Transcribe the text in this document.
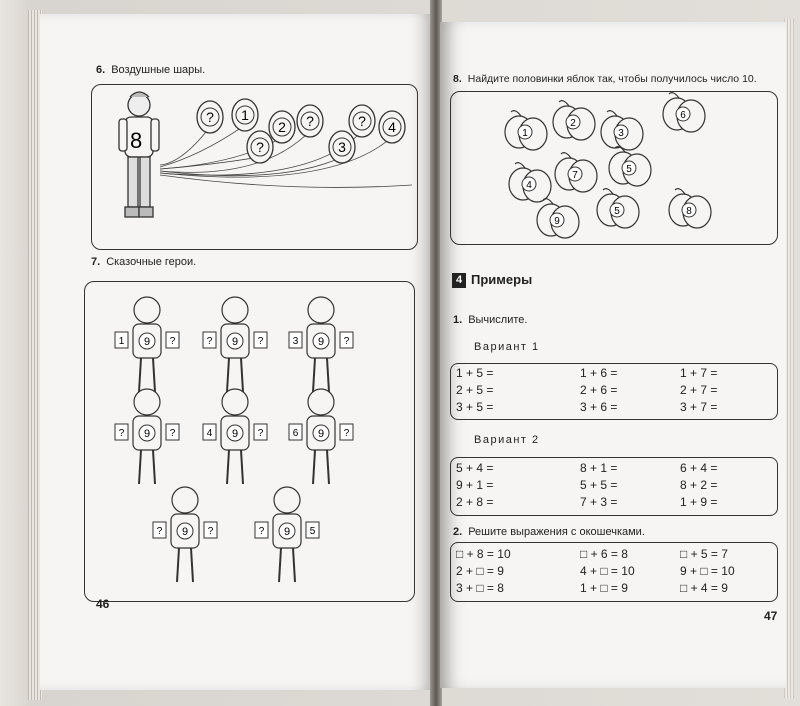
6. Воздушные шары.
8
? 1
?
2 ?
3
? 4
7. Сказочные герои.
1 9 ?	? 9 ?	3 9 ?
? 9 ?	4 9 ?	6 9 ?
? 9 ?	? 9 5
46
8. Найдите половинки яблок так, чтобы получилось число 10.
1
2
3
6
4
7
5
9
5	8
4 Примеры
1. Вычислите.
Вариант 1
1 + 5 =	1 + 6 =	1 + 7 =
2 + 5 =	2 + 6 =	2 + 7 =
3 + 5 =	3 + 6 =	3 + 7 =
Вариант 2
5 + 4 =	8 + 1 =	6 + 4 =
9 + 1 =	5 + 5 =	8 + 2 =
2 + 8 =	7 + 3 =	1 + 9 =
2. Решите выражения с окошечками.
□ + 8 = 10	□ + 6 = 8	□ + 5 = 7
2 + □ = 9	4 + □ = 10	9 + □ = 10
3 + □ = 8	1 + □ = 9	□ + 4 = 9
47
